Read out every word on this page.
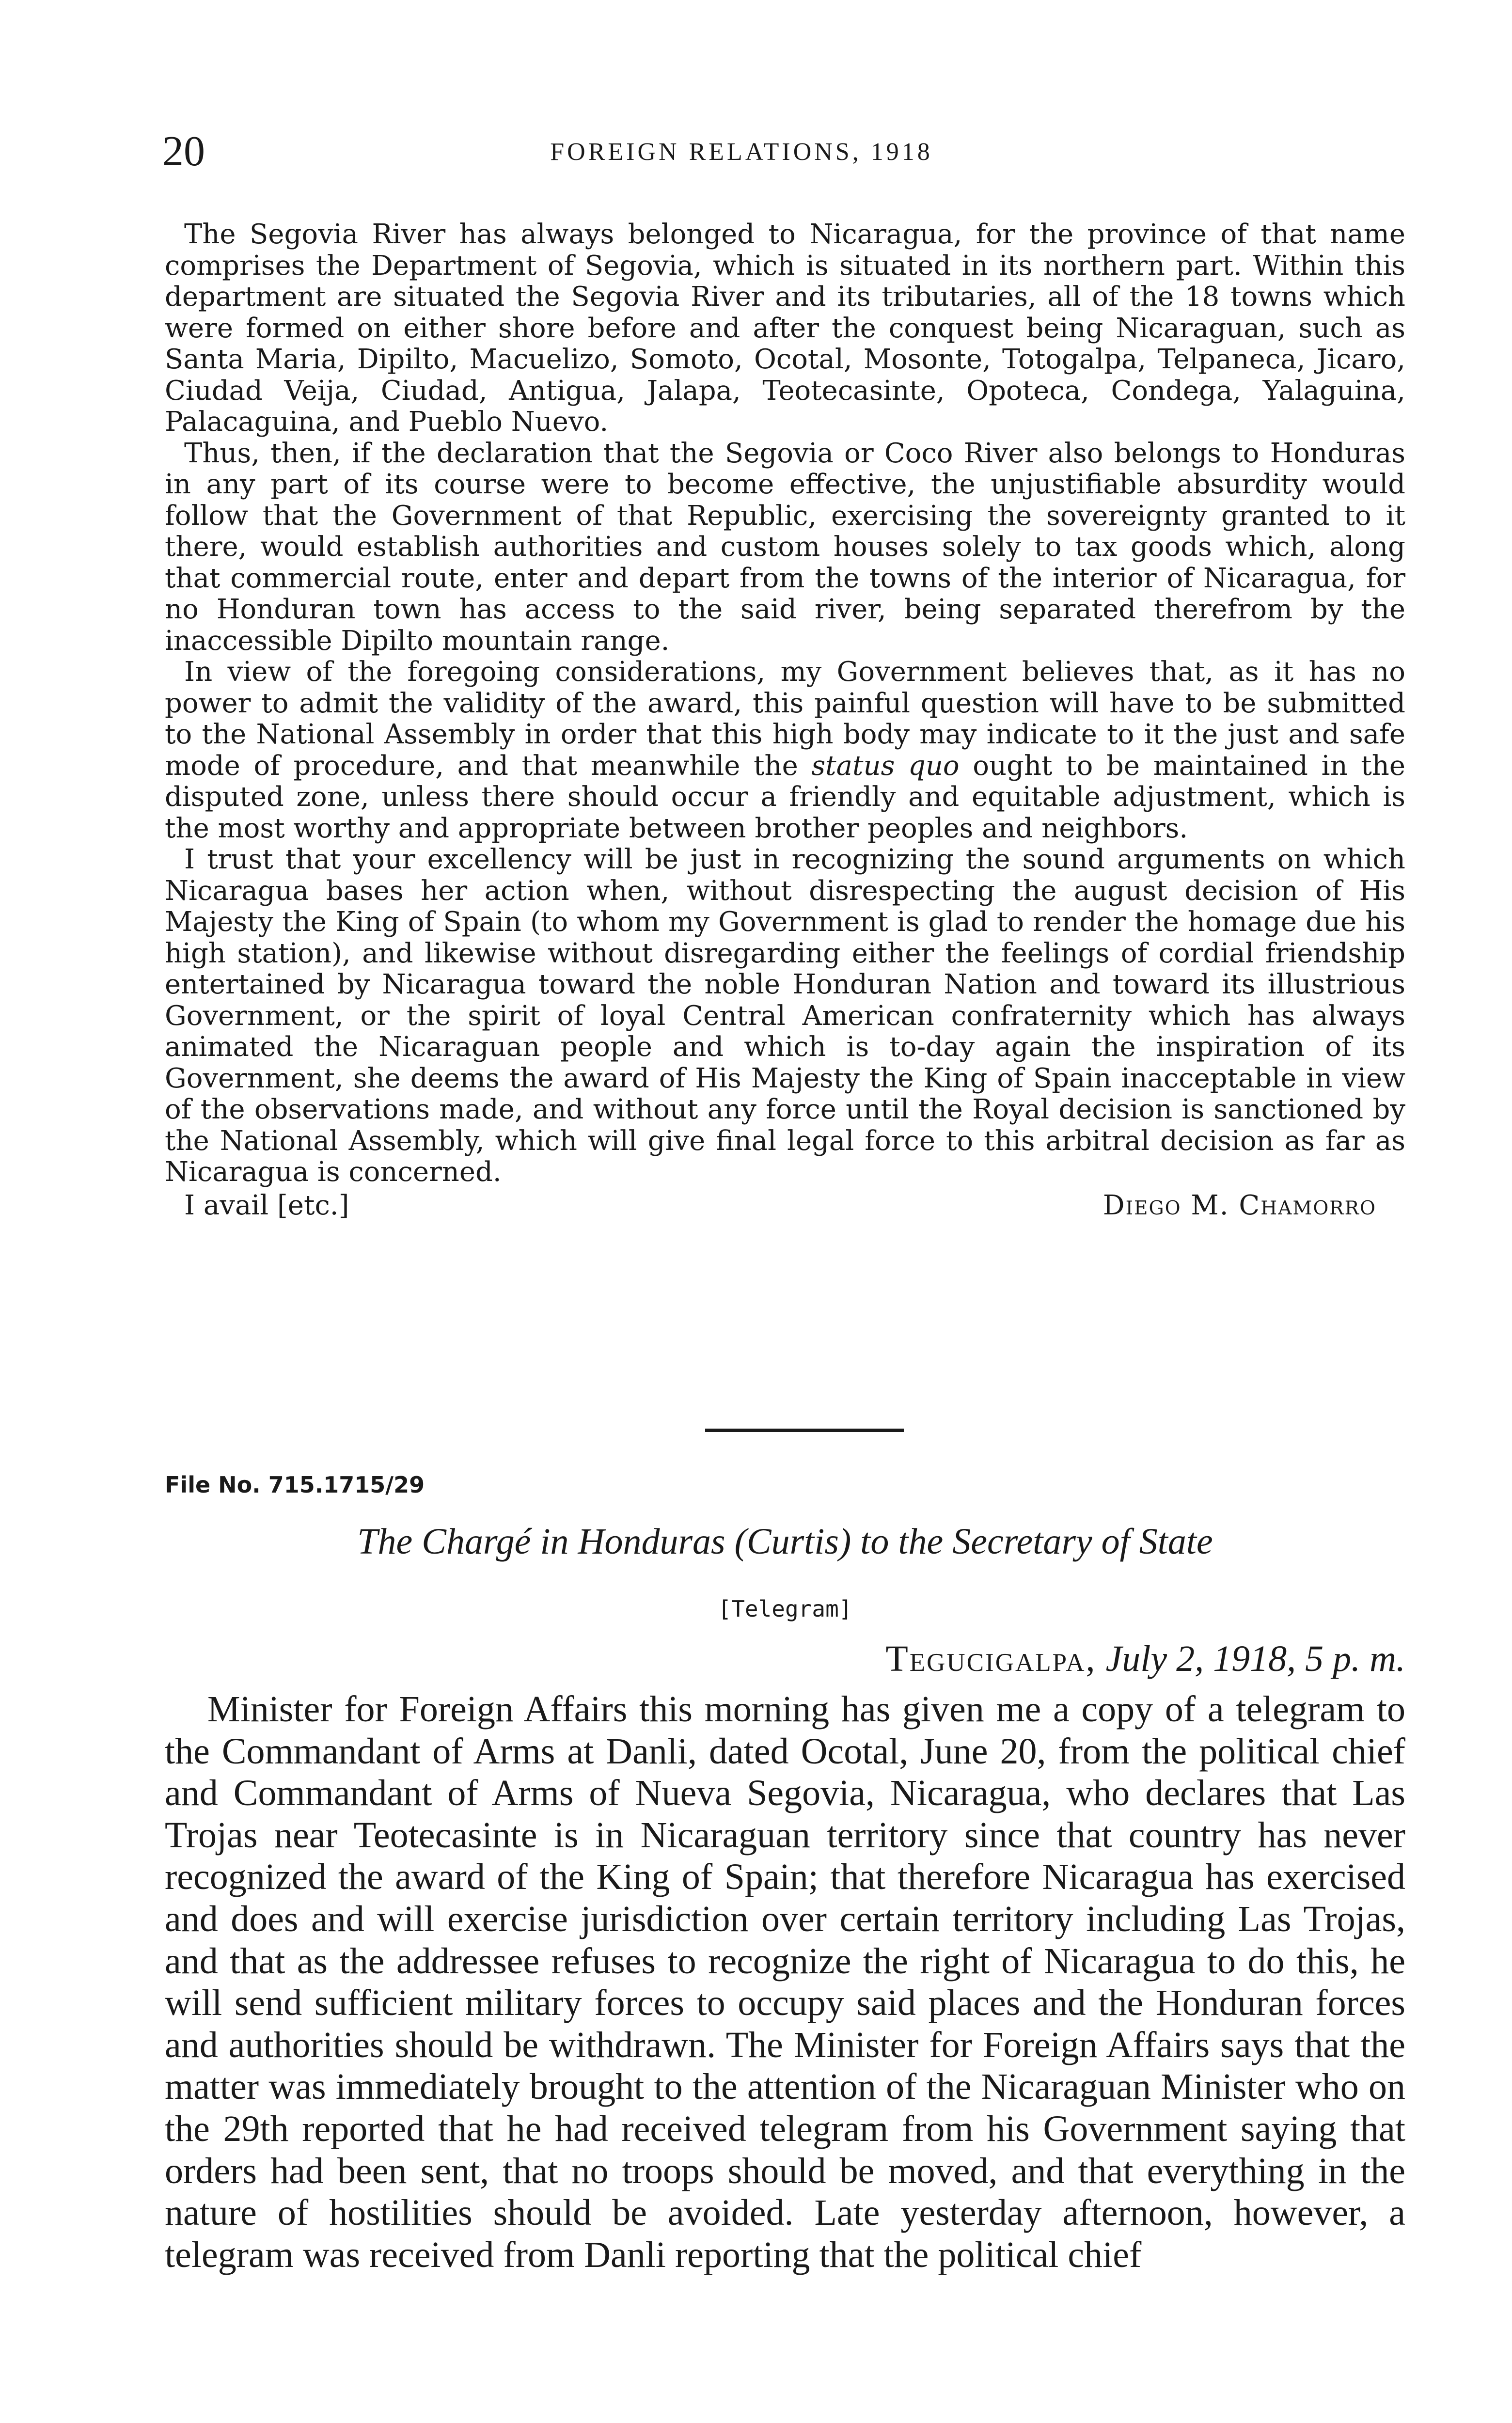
20	FOREIGN RELATIONS, 1918

The Segovia River has always belonged to Nicaragua, for the province of that name comprises the Department of Segovia, which is situated in its northern part. Within this department are situated the Segovia River and its tributaries, all of the 18 towns which were formed on either shore before and after the conquest being Nicaraguan, such as Santa Maria, Dipilto, Macuelizo, Somoto, Ocotal, Mosonte, Totogalpa, Telpaneca, Jicaro, Ciudad Veija, Ciudad, Antigua, Jalapa, Teotecasinte, Opoteca, Condega, Yalaguina, Palacaguina, and Pueblo Nuevo.

Thus, then, if the declaration that the Segovia or Coco River also belongs to Honduras in any part of its course were to become effective, the unjustifiable absurdity would follow that the Government of that Republic, exercising the sovereignty granted to it there, would establish authorities and custom houses solely to tax goods which, along that commercial route, enter and depart from the towns of the interior of Nicaragua, for no Honduran town has access to the said river, being separated therefrom by the inaccessible Dipilto mountain range.

In view of the foregoing considerations, my Government believes that, as it has no power to admit the validity of the award, this painful question will have to be submitted to the National Assembly in order that this high body may indicate to it the just and safe mode of procedure, and that meanwhile the status quo ought to be maintained in the disputed zone, unless there should occur a friendly and equitable adjustment, which is the most worthy and appropriate between brother peoples and neighbors.

I trust that your excellency will be just in recognizing the sound arguments on which Nicaragua bases her action when, without disrespecting the august decision of His Majesty the King of Spain (to whom my Government is glad to render the homage due his high station), and likewise without disregarding either the feelings of cordial friendship entertained by Nicaragua toward the noble Honduran Nation and toward its illustrious Government, or the spirit of loyal Central American confraternity which has always animated the Nicaraguan people and which is to-day again the inspiration of its Government, she deems the award of His Majesty the King of Spain inacceptable in view of the observations made, and without any force until the Royal decision is sanctioned by the National Assembly, which will give final legal force to this arbitral decision as far as Nicaragua is concerned.

I avail [etc.]	Diego M. Chamorro
File No. 715.1715/29
The Chargé in Honduras (Curtis) to the Secretary of State
[Telegram]
Tegucigalpa, July 2, 1918, 5 p. m.

Minister for Foreign Affairs this morning has given me a copy of a telegram to the Commandant of Arms at Danli, dated Ocotal, June 20, from the political chief and Commandant of Arms of Nueva Segovia, Nicaragua, who declares that Las Trojas near Teotecasinte is in Nicaraguan territory since that country has never recognized the award of the King of Spain; that therefore Nicaragua has exercised and does and will exercise jurisdiction over certain territory including Las Trojas, and that as the addressee refuses to recognize the right of Nicaragua to do this, he will send sufficient military forces to occupy said places and the Honduran forces and authorities should be withdrawn. The Minister for Foreign Affairs says that the matter was immediately brought to the attention of the Nicaraguan Minister who on the 29th reported that he had received telegram from his Government saying that orders had been sent, that no troops should be moved, and that everything in the nature of hostilities should be avoided. Late yesterday afternoon, however, a telegram was received from Danli reporting that the political chief
